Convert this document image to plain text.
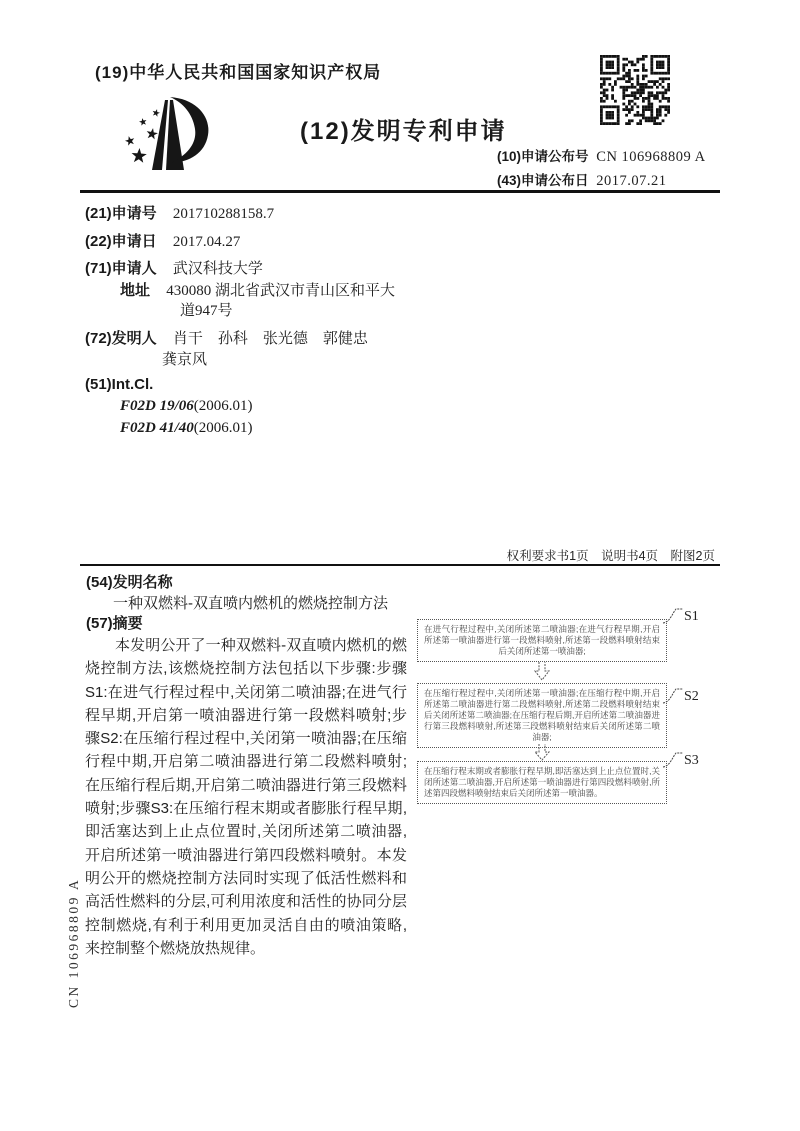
(19)中华人民共和国国家知识产权局
(12)发明专利申请
(10)申请公布号 CN 106968809 A
(43)申请公布日 2017.07.21
(21)申请号 201710288158.7
(22)申请日 2017.04.27
(71)申请人 武汉科技大学
地址 430080 湖北省武汉市青山区和平大
道947号
(72)发明人 肖干　孙科　张光德　郭健忠
龚京风
(51)Int.Cl.
F02D 19/06(2006.01)
F02D 41/40(2006.01)
权利要求书1页　说明书4页　附图2页
(54)发明名称
一种双燃料-双直喷内燃机的燃烧控制方法
(57)摘要
本发明公开了一种双燃料-双直喷内燃机的燃烧控制方法,该燃烧控制方法包括以下步骤:步骤S1:在进气行程过程中,关闭第二喷油器;在进气行程早期,开启第一喷油器进行第一段燃料喷射;步骤S2:在压缩行程过程中,关闭第一喷油器;在压缩行程中期,开启第二喷油器进行第二段燃料喷射;在压缩行程后期,开启第二喷油器进行第三段燃料喷射;步骤S3:在压缩行程末期或者膨胀行程早期,即活塞达到上止点位置时,关闭所述第二喷油器,开启所述第一喷油器进行第四段燃料喷射。本发明公开的燃烧控制方法同时实现了低活性燃料和高活性燃料的分层,可利用浓度和活性的协同分层控制燃烧,有利于利用更加灵活自由的喷油策略,来控制整个燃烧放热规律。
在进气行程过程中,关闭所述第二喷油器;在进气行程早期,开启所述第一喷油器进行第一段燃料喷射,所述第一段燃料喷射结束后关闭所述第一喷油器;
S1
在压缩行程过程中,关闭所述第一喷油器;在压缩行程中期,开启所述第二喷油器进行第二段燃料喷射,所述第二段燃料喷射结束后关闭所述第二喷油器;在压缩行程后期,开启所述第二喷油器进行第三段燃料喷射,所述第三段燃料喷射结束后关闭所述第二喷油器;
S2
在压缩行程末期或者膨胀行程早期,即活塞达到上止点位置时,关闭所述第二喷油器,开启所述第一喷油器进行第四段燃料喷射,所述第四段燃料喷射结束后关闭所述第一喷油器。
S3
CN 106968809 A
